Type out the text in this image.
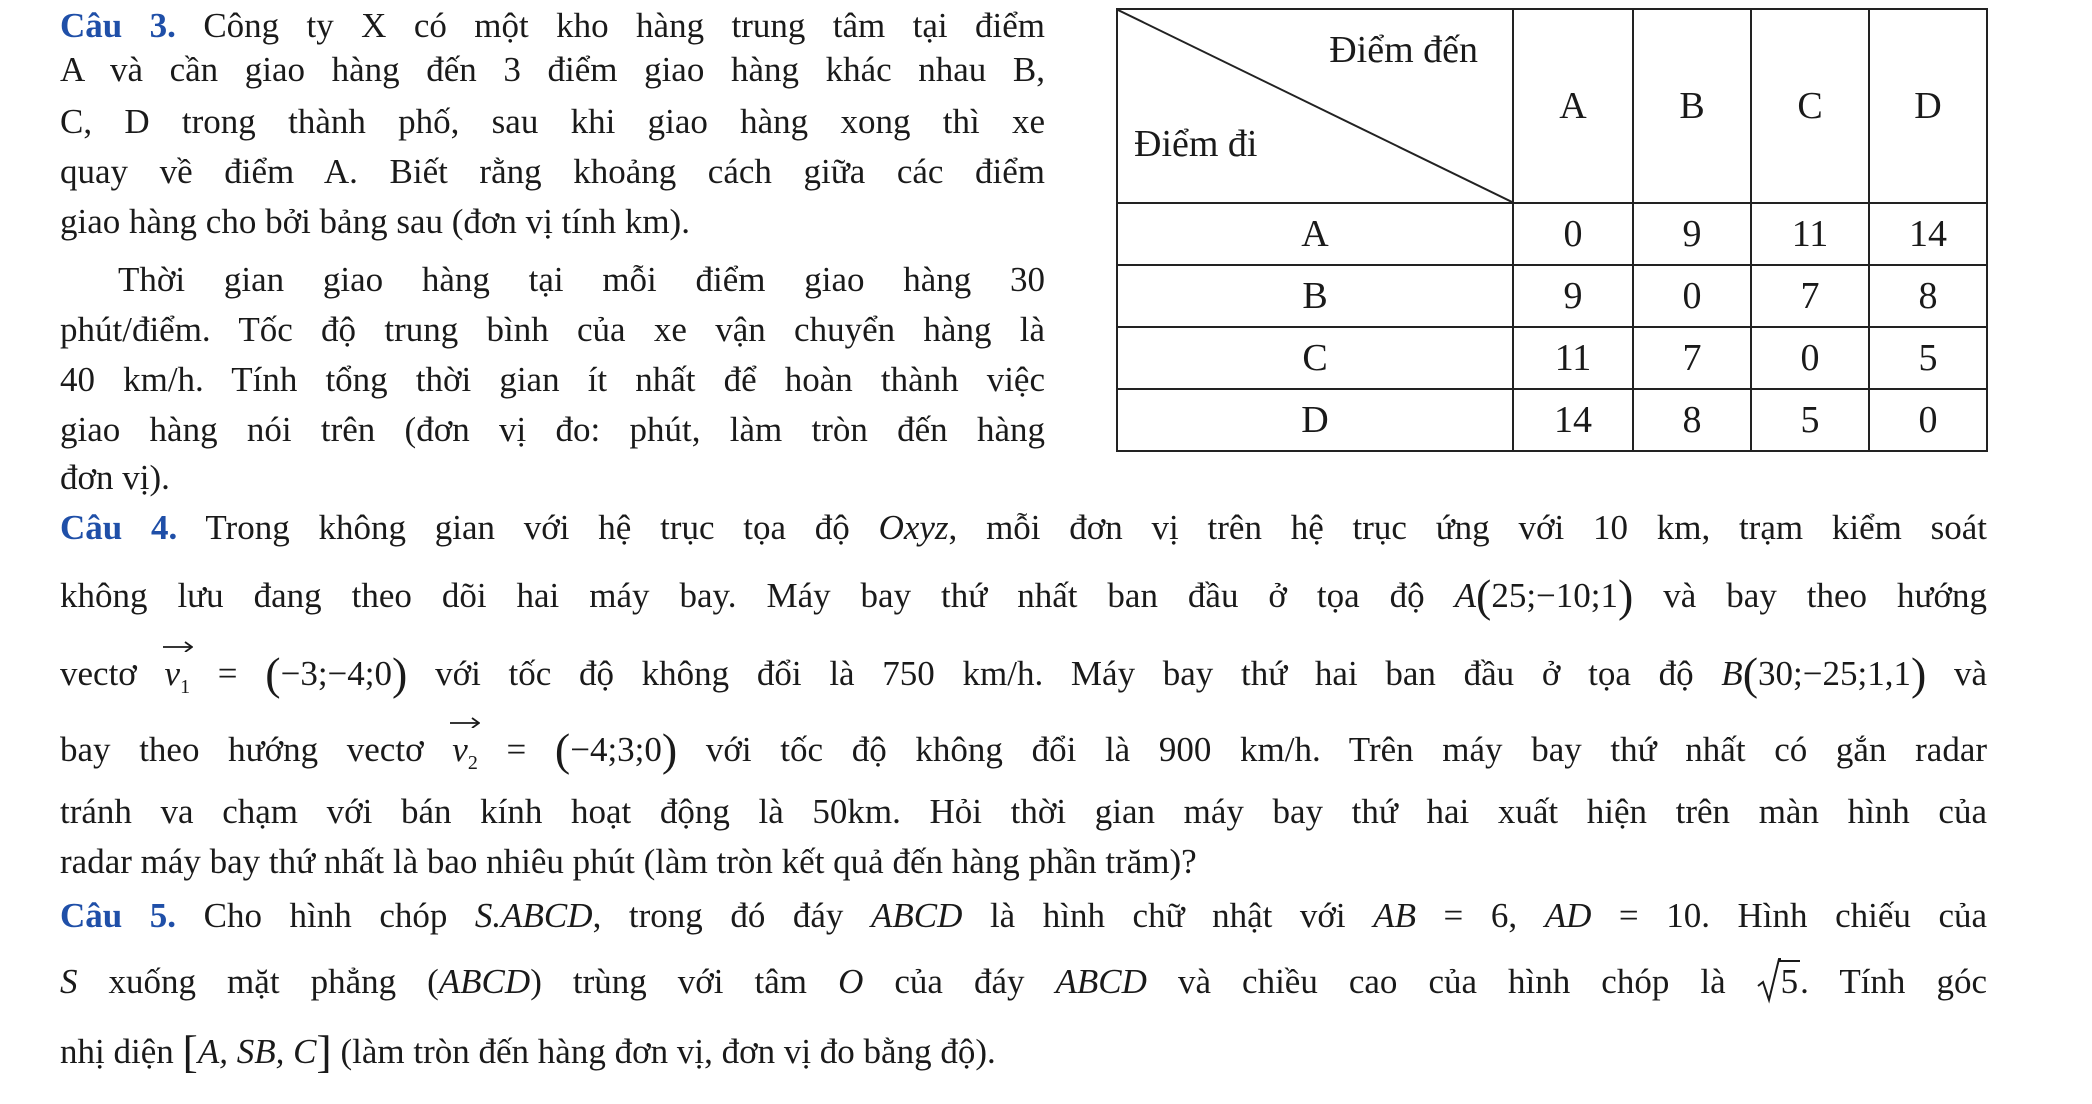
Câu 3. Công ty X có một kho hàng trung tâm tại điểm
A và cần giao hàng đến 3 điểm giao hàng khác nhau B,
C, D trong thành phố, sau khi giao hàng xong thì xe
quay về điểm A. Biết rằng khoảng cách giữa các điểm
giao hàng cho bởi bảng sau (đơn vị tính km).
Thời gian giao hàng tại mỗi điểm giao hàng 30
phút/điểm. Tốc độ trung bình của xe vận chuyển hàng là
40 km/h. Tính tổng thời gian ít nhất để hoàn thành việc
giao hàng nói trên (đơn vị đo: phút, làm tròn đến hàng
đơn vị).
Điểm đến
Điểm đi	A	B	C	D
A	0	9	11	14
B	9	0	7	8
C	11	7	0	5
D	14	8	5	0
Câu 4. Trong không gian với hệ trục tọa độ Oxyz, mỗi đơn vị trên hệ trục ứng với 10 km, trạm kiểm soát
không lưu đang theo dõi hai máy bay. Máy bay thứ nhất ban đầu ở tọa độ A(25;−10;1) và bay theo hướng
vectơ $v_1$ = (−3;−4;0) với tốc độ không đổi là 750 km/h. Máy bay thứ hai ban đầu ở tọa độ B(30;−25;1,1) và
bay theo hướng vectơ $v_2$ = (−4;3;0) với tốc độ không đổi là 900 km/h. Trên máy bay thứ nhất có gắn radar
tránh va chạm với bán kính hoạt động là 50km. Hỏi thời gian máy bay thứ hai xuất hiện trên màn hình của
radar máy bay thứ nhất là bao nhiêu phút (làm tròn kết quả đến hàng phần trăm)?
Câu 5. Cho hình chóp S.ABCD, trong đó đáy ABCD là hình chữ nhật với AB = 6, AD = 10. Hình chiếu của
S xuống mặt phẳng (ABCD) trùng với tâm O của đáy ABCD và chiều cao của hình chóp là 5. Tính góc
nhị diện [A, SB, C] (làm tròn đến hàng đơn vị, đơn vị đo bằng độ).
